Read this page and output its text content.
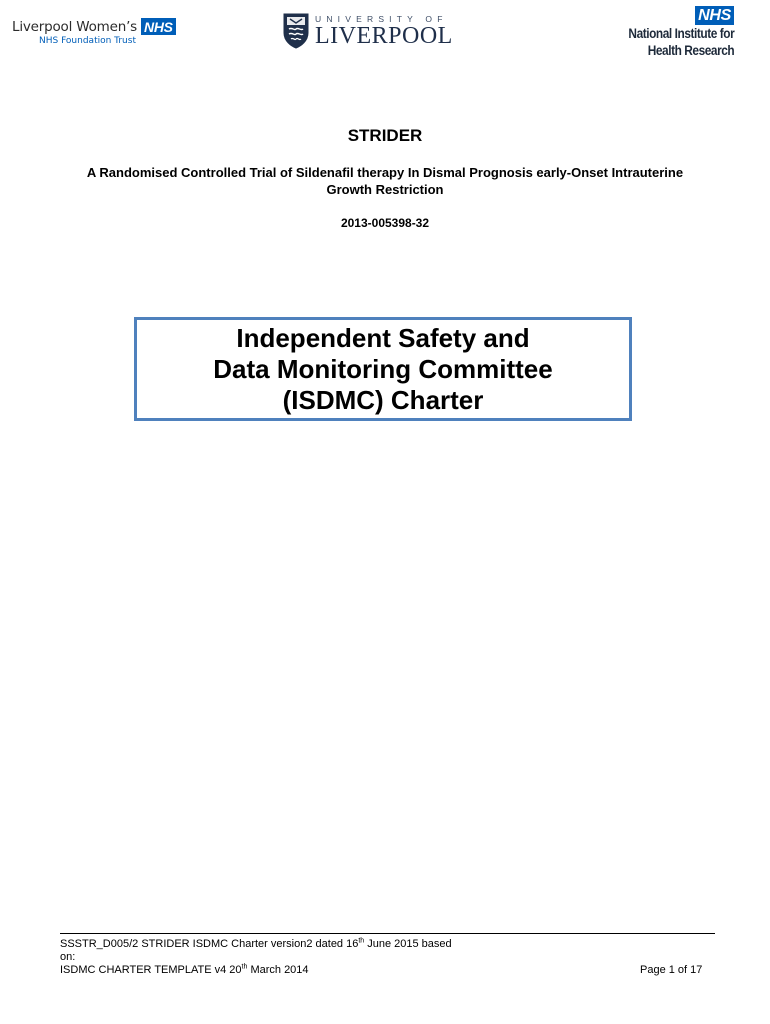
Liverpool Women’s NHS
NHS Foundation Trust
UNIVERSITY OF
LIVERPOOL
NHS
National Institute for
Health Research
STRIDER
A Randomised Controlled Trial of Sildenafil therapy In Dismal Prognosis early-Onset Intrauterine Growth Restriction
2013-005398-32
Independent Safety and
Data Monitoring Committee
(ISDMC) Charter
SSSTR_D005/2 STRIDER ISDMC Charter version2 dated 16th June 2015 based
on:
ISDMC CHARTER TEMPLATE v4 20th March 2014	Page 1 of 17
